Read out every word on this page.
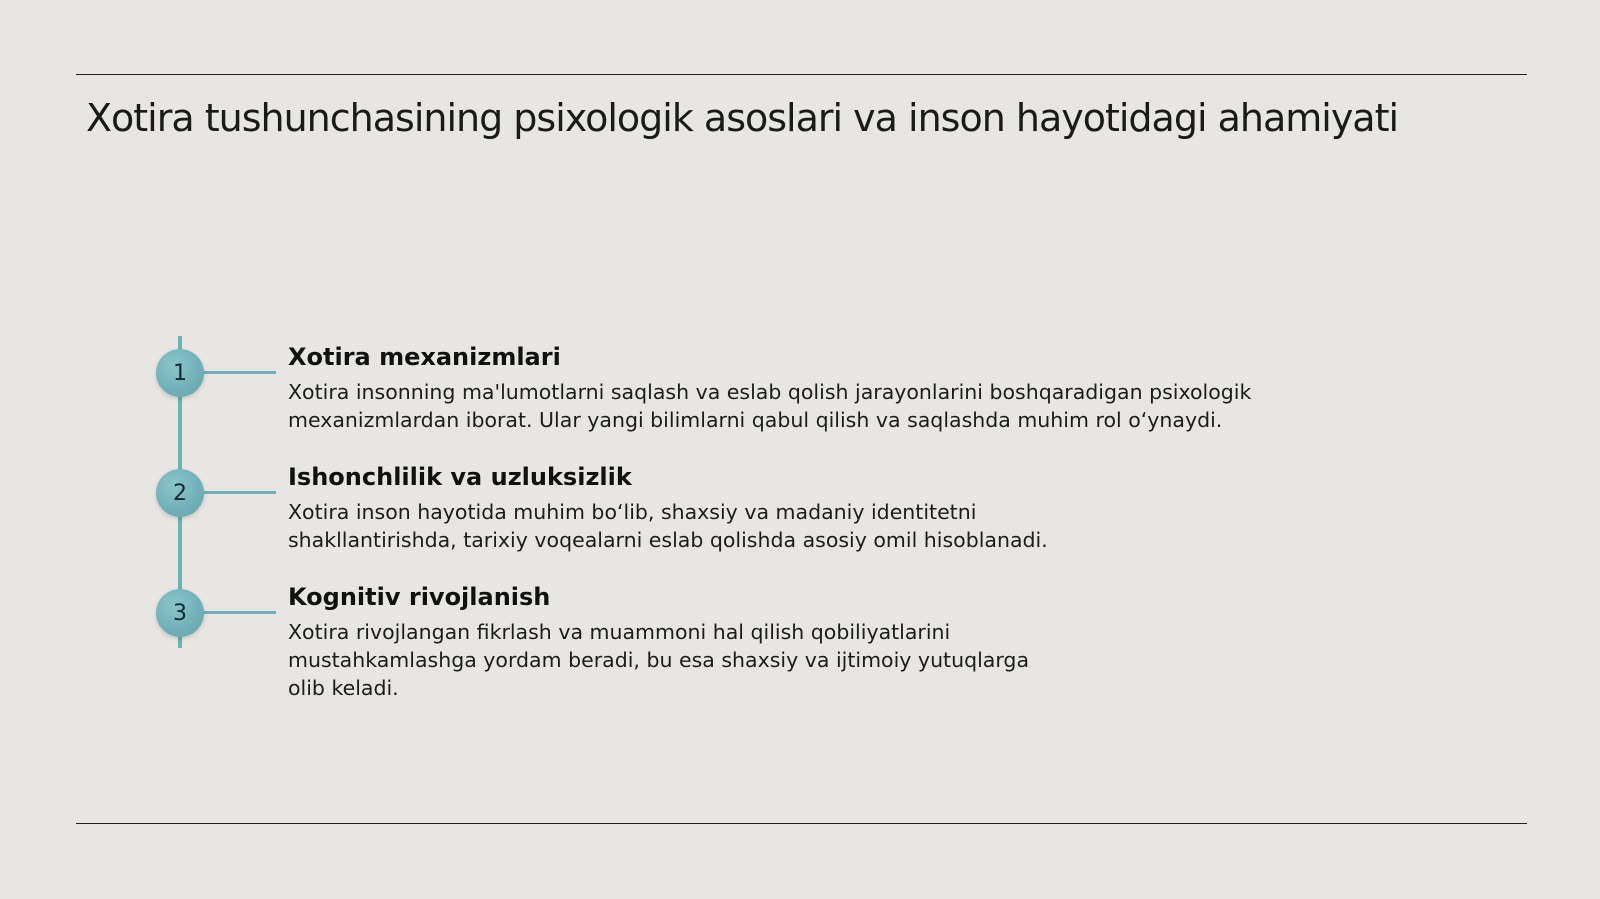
Xotira tushunchasining psixologik asoslari va inson hayotidagi ahamiyati
1
Xotira mexanizmlari

Xotira insonning ma'lumotlarni saqlash va eslab qolish jarayonlarini boshqaradigan psixologik
mexanizmlardan iborat. Ular yangi bilimlarni qabul qilish va saqlashda muhim rol o‘ynaydi.

2
Ishonchlilik va uzluksizlik

Xotira inson hayotida muhim bo‘lib, shaxsiy va madaniy identitetni
shakllantirishda, tarixiy voqealarni eslab qolishda asosiy omil hisoblanadi.

3
Kognitiv rivojlanish

Xotira rivojlangan fikrlash va muammoni hal qilish qobiliyatlarini
mustahkamlashga yordam beradi, bu esa shaxsiy va ijtimoiy yutuqlarga
olib keladi.
